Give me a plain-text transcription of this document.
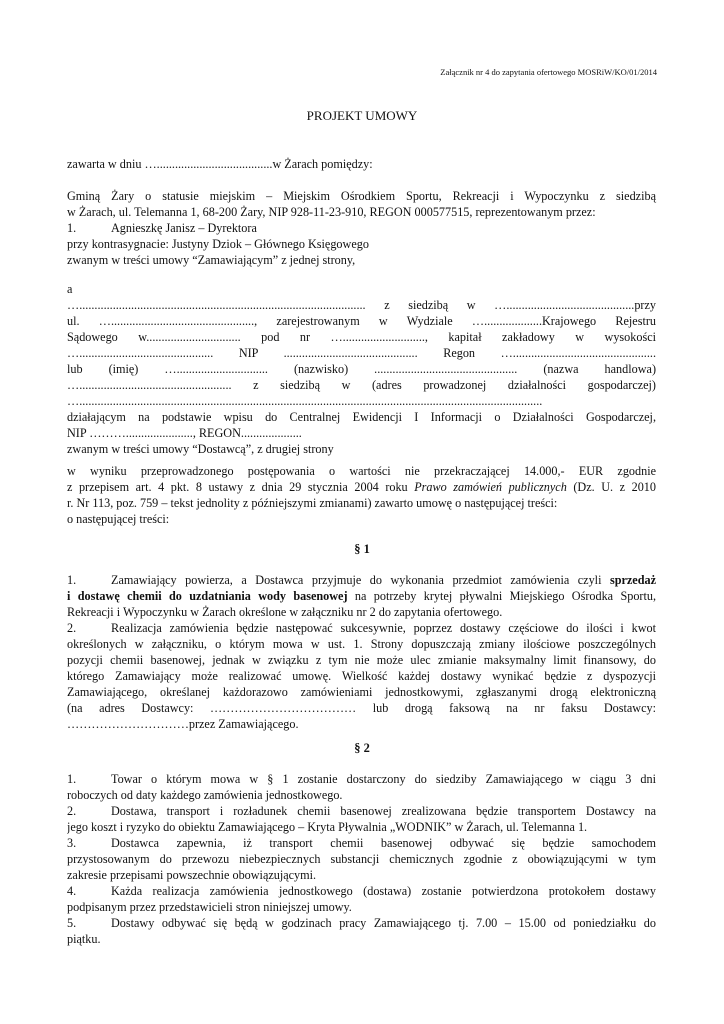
Załącznik nr 4 do zapytania ofertowego MOSRiW/KO/01/2014
PROJEKT UMOWY
zawarta w dniu …......................................w Żarach pomiędzy:
Gminą Żary o statusie miejskim – Miejskim Ośrodkiem Sportu, Rekreacji i Wypoczynku z siedzibą
w Żarach, ul. Telemanna 1, 68-200 Żary, NIP 928-11-23-910, REGON 000577515, reprezentowanym przez:
1.	Agnieszkę Janisz – Dyrektora
przy kontrasygnacie: Justyny Dziok – Głównego Księgowego
zwanym w treści umowy “Zamawiającym” z jednej strony,
a
….............................................................................................. z siedzibą w …..........................................przy
ul. …..............................................., zarejestrowanym w Wydziale …...................Krajowego Rejestru
Sądowego w............................... pod nr …..........................., kapitał zakładowy w wysokości
…............................................ NIP ............................................ Regon …...............................................
lub (imię) ….............................. (nazwisko) ............................................... (nazwa handlowa)
….................................................. z siedzibą w (adres prowadzonej działalności gospodarczej)
…........................................................................................................................................................
działającym na podstawie wpisu do Centralnej Ewidencji I Informacji o Działalności Gospodarczej,
NIP ………......................, REGON....................
zwanym w treści umowy “Dostawcą”, z drugiej strony
w wyniku przeprowadzonego postępowania o wartości nie przekraczającej 14.000,- EUR zgodnie
z przepisem art. 4 pkt. 8 ustawy z dnia 29 stycznia 2004 roku Prawo zamówień publicznych (Dz. U. z 2010
r. Nr 113, poz. 759 – tekst jednolity z późniejszymi zmianami) zawarto umowę o następującej treści:
o następującej treści:
§ 1
1.	Zamawiający powierza, a Dostawca przyjmuje do wykonania przedmiot zamówienia czyli sprzedaż
i dostawę chemii do uzdatniania wody basenowej na potrzeby krytej pływalni Miejskiego Ośrodka Sportu,
Rekreacji i Wypoczynku w Żarach określone w załączniku nr 2 do zapytania ofertowego.
2.	Realizacja zamówienia będzie następować sukcesywnie, poprzez dostawy częściowe do ilości i kwot
określonych w załączniku, o którym mowa w ust. 1. Strony dopuszczają zmiany ilościowe poszczególnych
pozycji chemii basenowej, jednak w związku z tym nie może ulec zmianie maksymalny limit finansowy, do
którego Zamawiający może realizować umowę. Wielkość każdej dostawy wynikać będzie z dyspozycji
Zamawiającego, określanej każdorazowo zamówieniami jednostkowymi, zgłaszanymi drogą elektroniczną
(na adres Dostawcy: ……………………………… lub drogą faksową na nr faksu Dostawcy:
…………………………przez Zamawiającego.
§ 2
1.	Towar o którym mowa w § 1 zostanie dostarczony do siedziby Zamawiającego w ciągu 3 dni
roboczych od daty każdego zamówienia jednostkowego.
2.	Dostawa, transport i rozładunek chemii basenowej zrealizowana będzie transportem Dostawcy na
jego koszt i ryzyko do obiektu Zamawiającego – Kryta Pływalnia „WODNIK” w Żarach, ul. Telemanna 1.
3.	Dostawca zapewnia, iż transport chemii basenowej odbywać się będzie samochodem
przystosowanym do przewozu niebezpiecznych substancji chemicznych zgodnie z obowiązującymi w tym
zakresie przepisami powszechnie obowiązującymi.
4.	Każda realizacja zamówienia jednostkowego (dostawa) zostanie potwierdzona protokołem dostawy
podpisanym przez przedstawicieli stron niniejszej umowy.
5.	Dostawy odbywać się będą w godzinach pracy Zamawiającego tj. 7.00 – 15.00 od poniedziałku do
piątku.
